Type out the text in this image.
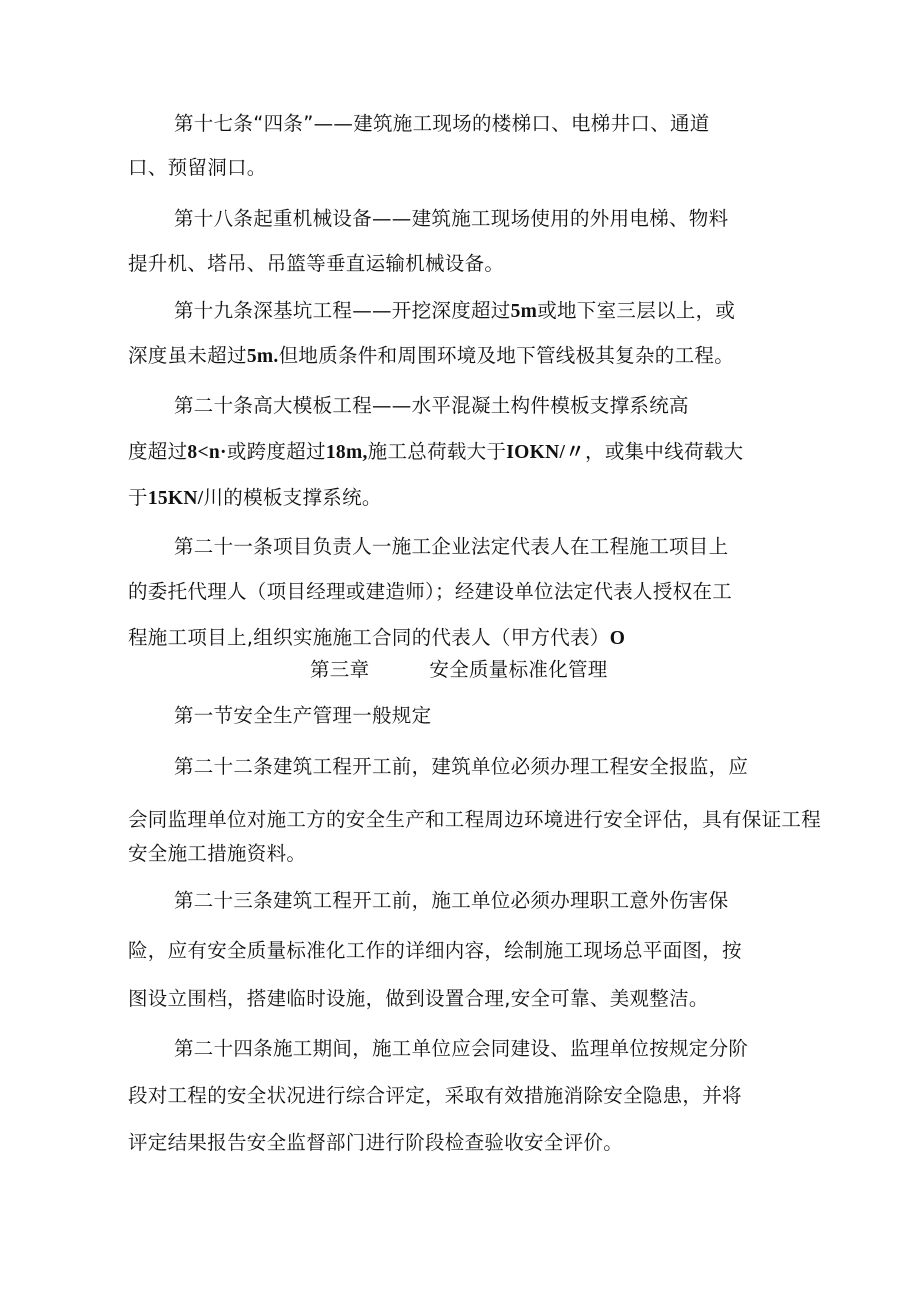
第十七条“四条”——建筑施工现场的楼梯口、电梯井口、通道
口、预留洞口。
第十八条起重机械设备——建筑施工现场使用的外用电梯、物料
提升机、塔吊、吊篮等垂直运输机械设备。
第十九条深基坑工程——开挖深度超过5m或地下室三层以上，或
深度虽未超过5m.但地质条件和周围环境及地下管线极其复杂的工程。
第二十条高大模板工程——水平混凝土构件模板支撑系统高
度超过8<n·或跨度超过18m,施工总荷载大于IOKN/〃，或集中线荷载大
于15KN/川的模板支撑系统。
第二十一条项目负责人一施工企业法定代表人在工程施工项目上
的委托代理人（项目经理或建造师）；经建设单位法定代表人授权在工
程施工项目上,组织实施施工合同的代表人（甲方代表）O
第三章	安全质量标准化管理
第一节安全生产管理一般规定
第二十二条建筑工程开工前，建筑单位必须办理工程安全报监，应
会同监理单位对施工方的安全生产和工程周边环境进行安全评估，具有保证工程
安全施工措施资料。
第二十三条建筑工程开工前，施工单位必须办理职工意外伤害保
险，应有安全质量标准化工作的详细内容，绘制施工现场总平面图，按
图设立围档，搭建临时设施，做到设置合理,安全可靠、美观整洁。
第二十四条施工期间，施工单位应会同建设、监理单位按规定分阶
段对工程的安全状况进行综合评定，采取有效措施消除安全隐患，并将
评定结果报告安全监督部门进行阶段检查验收安全评价。
